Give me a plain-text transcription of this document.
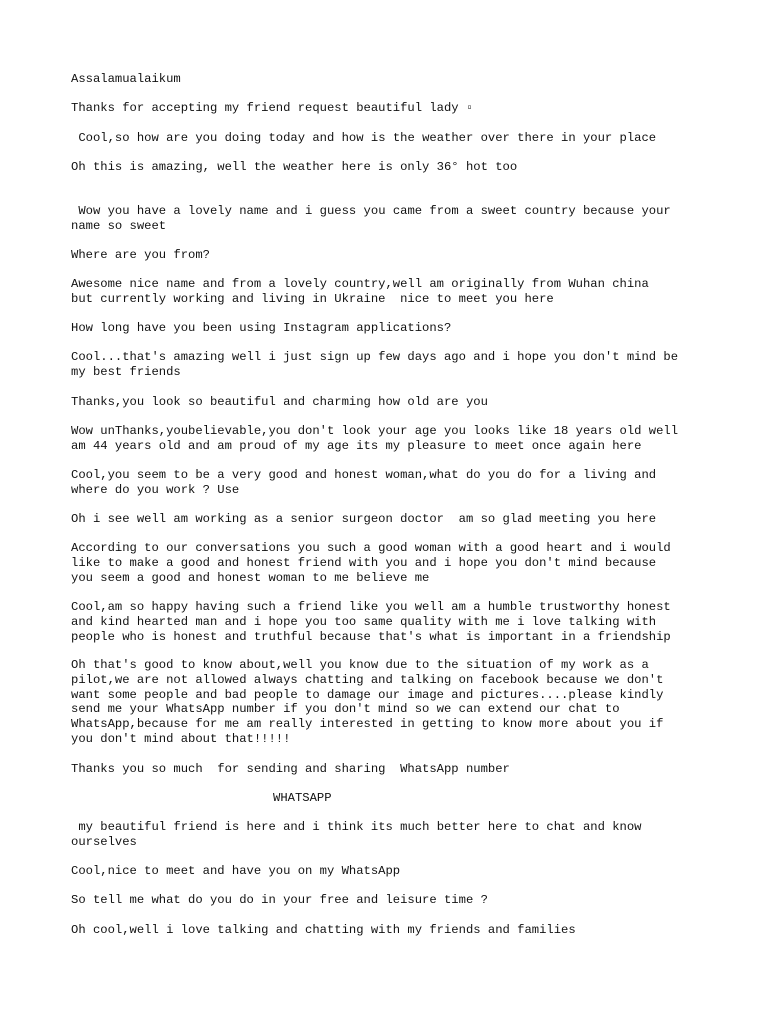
Assalamualaikum

Thanks for accepting my friend request beautiful lady ▫

Cool,so how are you doing today and how is the weather over there in your place

Oh this is amazing, well the weather here is only 36° hot too

Wow you have a lovely name and i guess you came from a sweet country because your
name so sweet

Where are you from?

Awesome nice name and from a lovely country,well am originally from Wuhan china
but currently working and living in Ukraine  nice to meet you here

How long have you been using Instagram applications?

Cool...that's amazing well i just sign up few days ago and i hope you don't mind be
my best friends

Thanks,you look so beautiful and charming how old are you

Wow unThanks,youbelievable,you don't look your age you looks like 18 years old well
am 44 years old and am proud of my age its my pleasure to meet once again here

Cool,you seem to be a very good and honest woman,what do you do for a living and
where do you work ? Use

Oh i see well am working as a senior surgeon doctor  am so glad meeting you here

According to our conversations you such a good woman with a good heart and i would
like to make a good and honest friend with you and i hope you don't mind because
you seem a good and honest woman to me believe me

Cool,am so happy having such a friend like you well am a humble trustworthy honest
and kind hearted man and i hope you too same quality with me i love talking with
people who is honest and truthful because that's what is important in a friendship

Oh that's good to know about,well you know due to the situation of my work as a
pilot,we are not allowed always chatting and talking on facebook because we don't
want some people and bad people to damage our image and pictures....please kindly
send me your WhatsApp number if you don't mind so we can extend our chat to
WhatsApp,because for me am really interested in getting to know more about you if
you don't mind about that!!!!!

Thanks you so much  for sending and sharing  WhatsApp number

WHATSAPP

my beautiful friend is here and i think its much better here to chat and know
ourselves

Cool,nice to meet and have you on my WhatsApp

So tell me what do you do in your free and leisure time ?

Oh cool,well i love talking and chatting with my friends and families
